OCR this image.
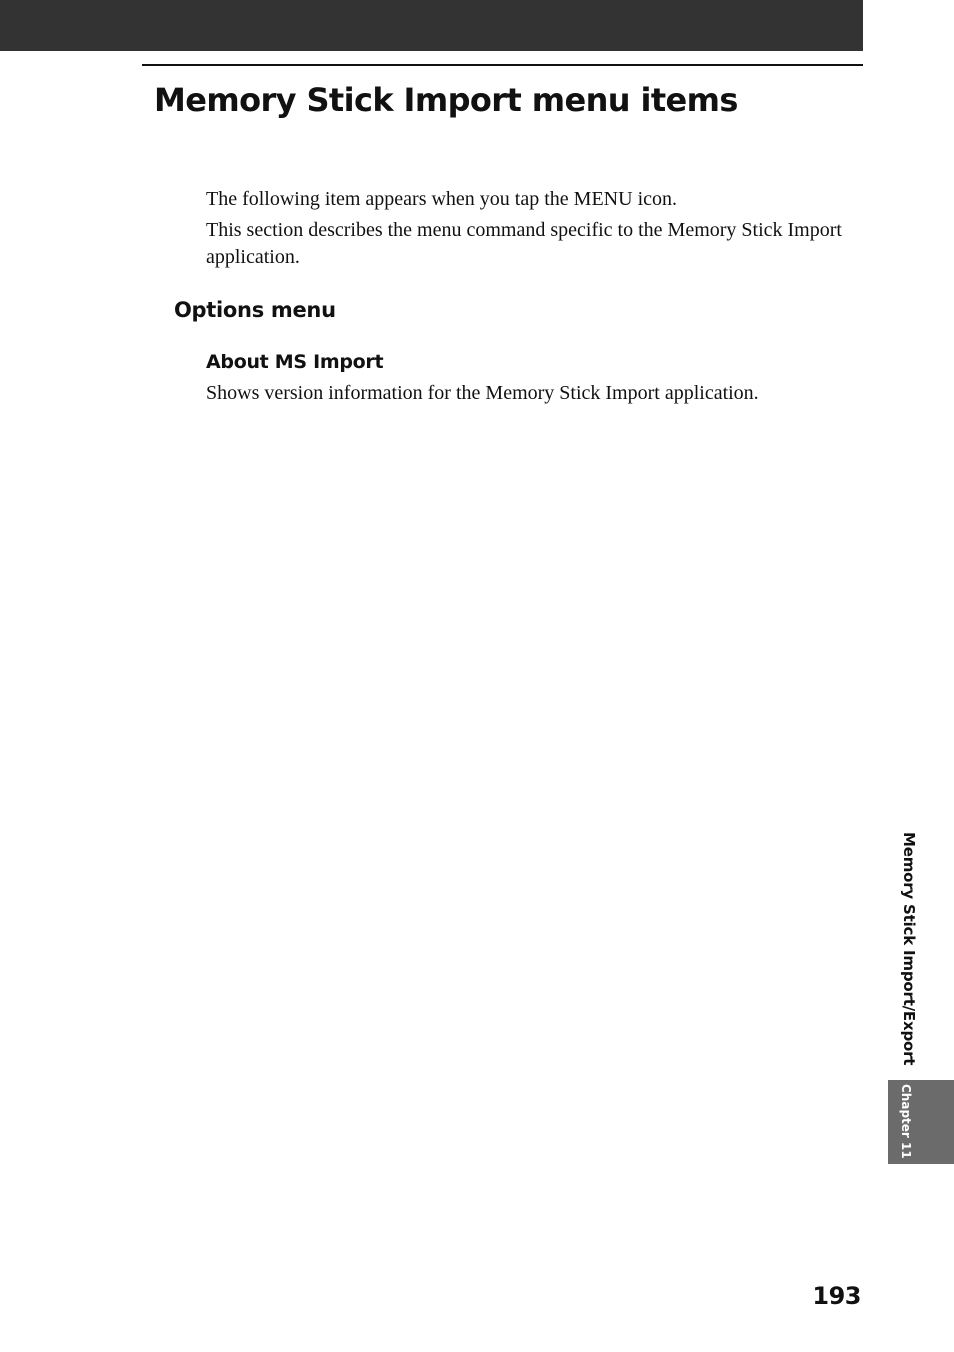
Memory Stick Import menu items

The following item appears when you tap the MENU icon.

This section describes the menu command specific to the Memory Stick Import application.

Options menu
About MS Import

Shows version information for the Memory Stick Import application.

Memory Stick Import/Export
Chapter 11
193
